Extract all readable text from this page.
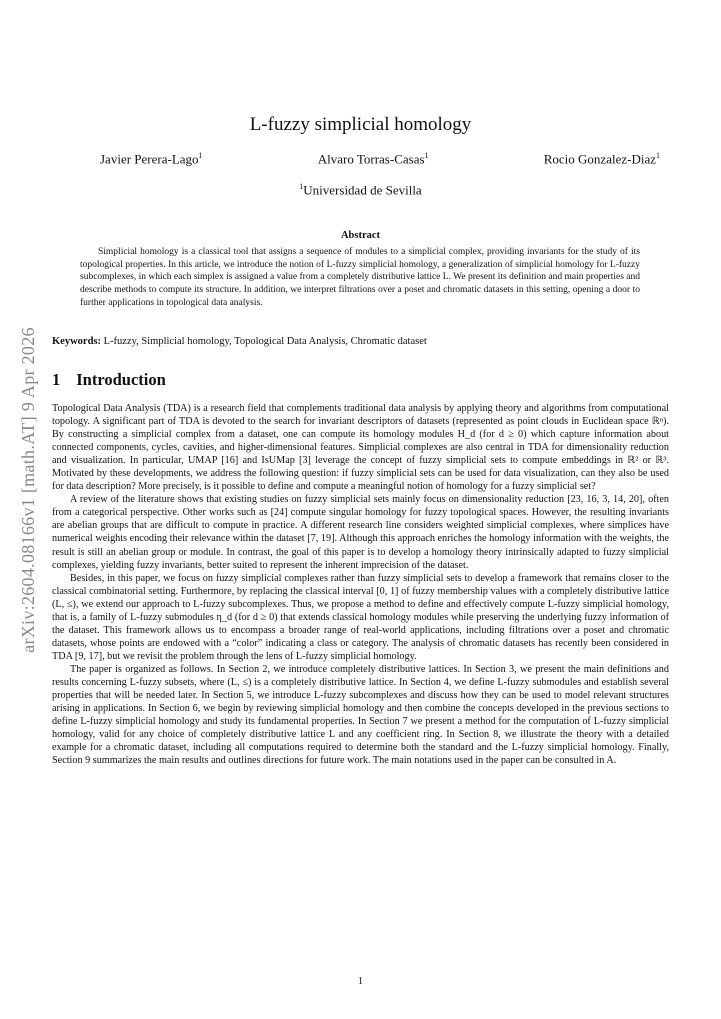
arXiv:2604.08166v1 [math.AT] 9 Apr 2026
L-fuzzy simplicial homology
Javier Perera-Lago$^1$	Alvaro Torras-Casas$^1$	Rocio Gonzalez-Diaz$^1$
$^1$Universidad de Sevilla
Abstract
Simplicial homology is a classical tool that assigns a sequence of modules to a simplicial complex, providing invariants for the study of its topological properties. In this article, we introduce the notion of L-fuzzy simplicial homology, a generalization of simplicial homology for L-fuzzy subcomplexes, in which each simplex is assigned a value from a completely distributive lattice L. We present its definition and main properties and describe methods to compute its structure. In addition, we interpret filtrations over a poset and chromatic datasets in this setting, opening a door to further applications in topological data analysis.
Keywords: L-fuzzy, Simplicial homology, Topological Data Analysis, Chromatic dataset
1 Introduction

Topological Data Analysis (TDA) is a research field that complements traditional data analysis by applying theory and algorithms from computational topology. A significant part of TDA is devoted to the search for invariant descriptors of datasets (represented as point clouds in Euclidean space ℝⁿ). By constructing a simplicial complex from a dataset, one can compute its homology modules H_d (for d ≥ 0) which capture information about connected components, cycles, cavities, and higher-dimensional features. Simplicial complexes are also central in TDA for dimensionality reduction and visualization. In particular, UMAP [16] and IsUMap [3] leverage the concept of fuzzy simplicial sets to compute embeddings in ℝ² or ℝ³. Motivated by these developments, we address the following question: if fuzzy simplicial sets can be used for data visualization, can they also be used for data description? More precisely, is it possible to define and compute a meaningful notion of homology for a fuzzy simplicial set?

A review of the literature shows that existing studies on fuzzy simplicial sets mainly focus on dimensionality reduction [23, 16, 3, 14, 20], often from a categorical perspective. Other works such as [24] compute singular homology for fuzzy topological spaces. However, the resulting invariants are abelian groups that are difficult to compute in practice. A different research line considers weighted simplicial complexes, where simplices have numerical weights encoding their relevance within the dataset [7, 19]. Although this approach enriches the homology information with the weights, the result is still an abelian group or module. In contrast, the goal of this paper is to develop a homology theory intrinsically adapted to fuzzy simplicial complexes, yielding fuzzy invariants, better suited to represent the inherent imprecision of the dataset.

Besides, in this paper, we focus on fuzzy simplicial complexes rather than fuzzy simplicial sets to develop a framework that remains closer to the classical combinatorial setting. Furthermore, by replacing the classical interval [0, 1] of fuzzy membership values with a completely distributive lattice (L, ≤), we extend our approach to L-fuzzy subcomplexes. Thus, we propose a method to define and effectively compute L-fuzzy simplicial homology, that is, a family of L-fuzzy submodules η_d (for d ≥ 0) that extends classical homology modules while preserving the underlying fuzzy information of the dataset. This framework allows us to encompass a broader range of real-world applications, including filtrations over a poset and chromatic datasets, whose points are endowed with a “color” indicating a class or category. The analysis of chromatic datasets has recently been considered in TDA [9, 17], but we revisit the problem through the lens of L-fuzzy simplicial homology.

The paper is organized as follows. In Section 2, we introduce completely distributive lattices. In Section 3, we present the main definitions and results concerning L-fuzzy subsets, where (L, ≤) is a completely distributive lattice. In Section 4, we define L-fuzzy submodules and establish several properties that will be needed later. In Section 5, we introduce L-fuzzy subcomplexes and discuss how they can be used to model relevant structures arising in applications. In Section 6, we begin by reviewing simplicial homology and then combine the concepts developed in the previous sections to define L-fuzzy simplicial homology and study its fundamental properties. In Section 7 we present a method for the computation of L-fuzzy simplicial homology, valid for any choice of completely distributive lattice L and any coefficient ring. In Section 8, we illustrate the theory with a detailed example for a chromatic dataset, including all computations required to determine both the standard and the L-fuzzy simplicial homology. Finally, Section 9 summarizes the main results and outlines directions for future work. The main notations used in the paper can be consulted in A.

1
